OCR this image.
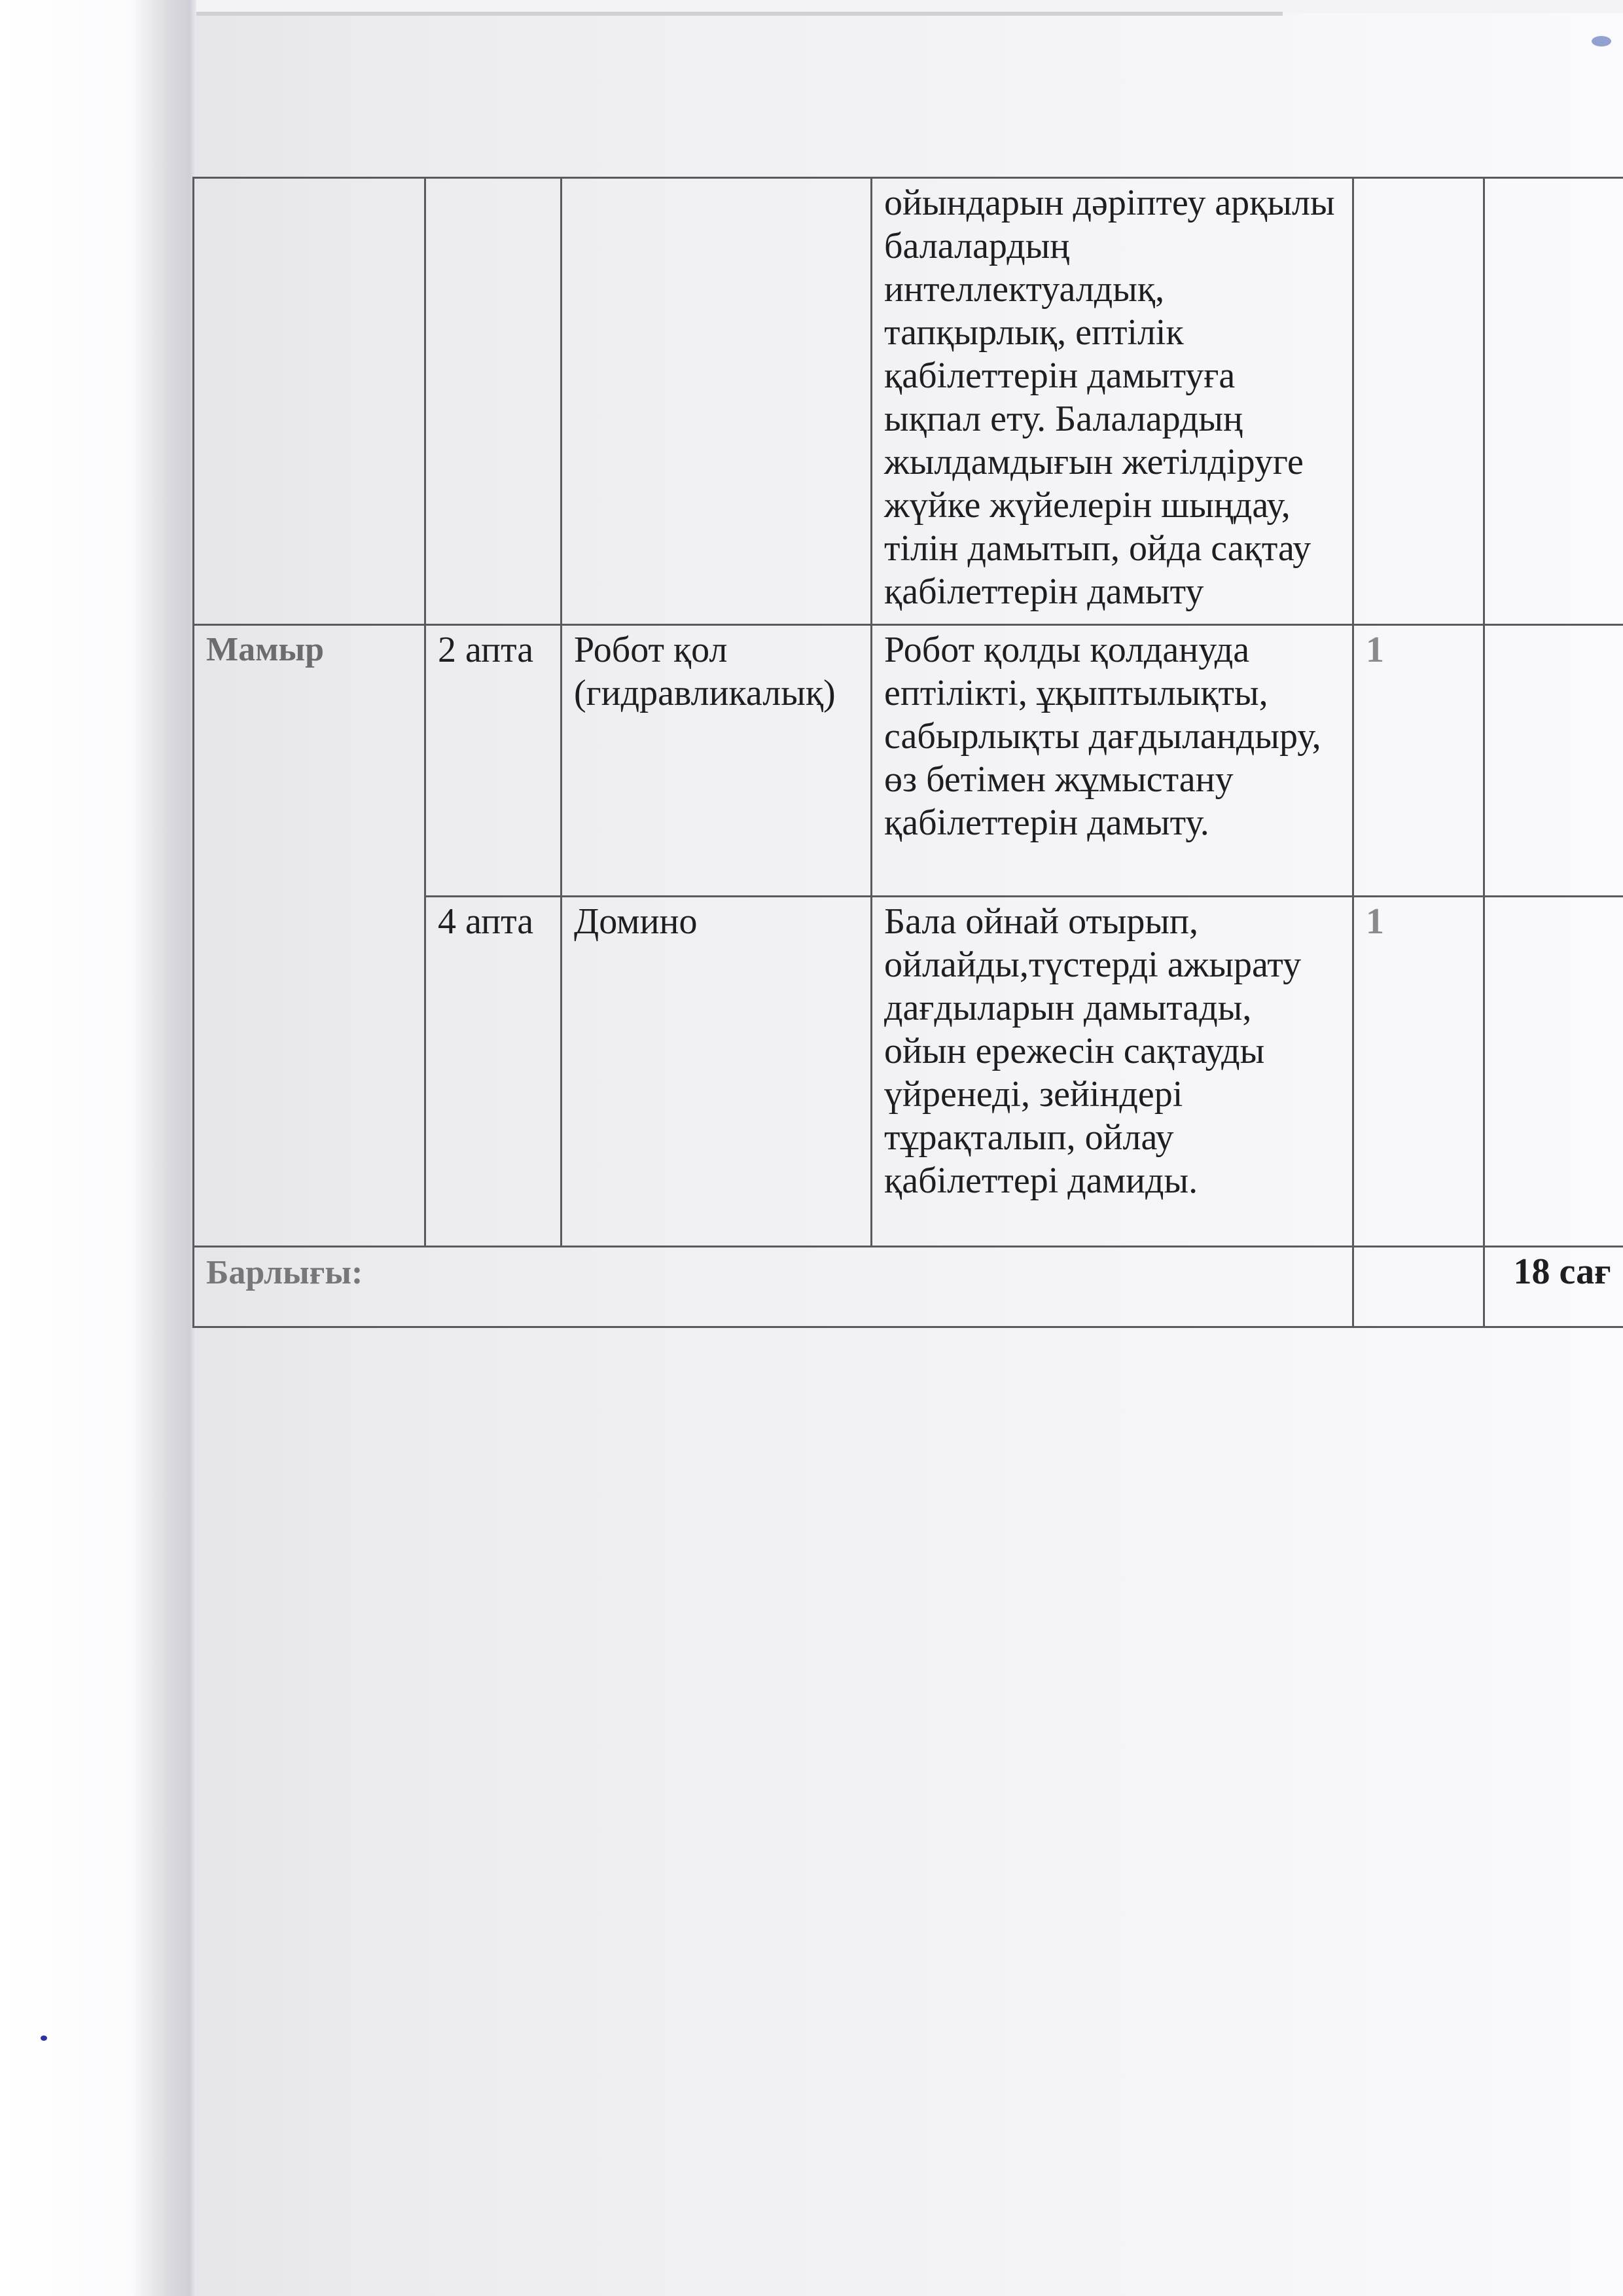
			ойындарын дәріптеу арқылы балалардың интеллектуалдық, тапқырлық, ептілік қабілеттерін дамытуға ықпал ету. Балалардың жылдамдығын жетілдіруге жүйке жүйелерін шыңдау, тілін дамытып, ойда сақтау қабілеттерін дамыту		
Мамыр	2 апта	Робот қол (гидравликалық)	Робот қолды қолдануда ептілікті, ұқыптылықты, сабырлықты дағдыландыру, өз бетімен жұмыстану қабілеттерін дамыту.	1	
	4 апта	Домино	Бала ойнай отырып, ойлайды,түстерді ажырату дағдыларын дамытады, ойын ережесін сақтауды үйренеді, зейіндері тұрақталып, ойлау қабілеттері дамиды.	1	
Барлығы:					18 сағ
